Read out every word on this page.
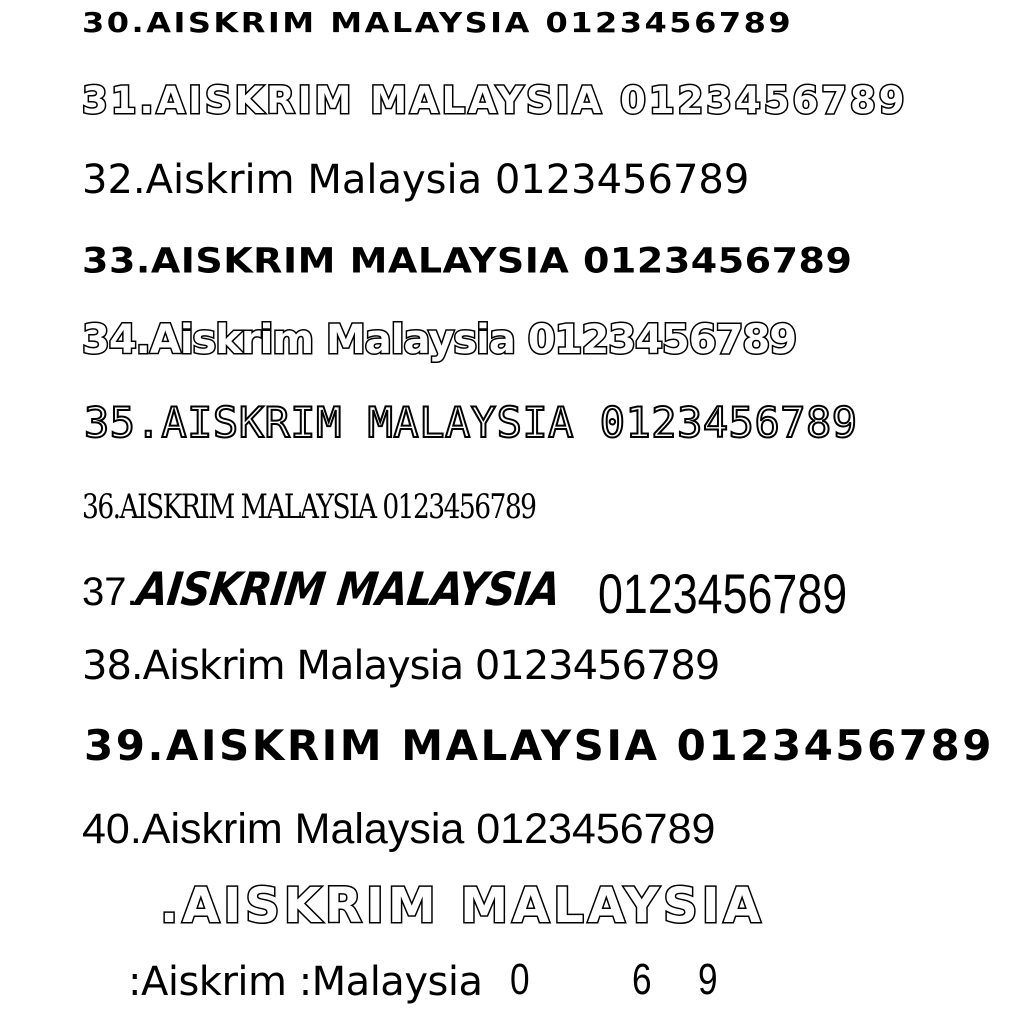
30.AISKRIM MALAYSIA 0123456789
31.AISKRIM MALAYSIA 0123456789
32.Aiskrim Malaysia 0123456789
33.AISKRIM MALAYSIA 0123456789
34.Aiskrim Malaysia 0123456789
35.AISKRIM MALAYSIA 0123456789
36.AISKRIM MALAYSIA 0123456789
37.
AISKRIM MALAYSIA 0123456789
38.Aiskrim Malaysia 0123456789
39.AISKRIM MALAYSIA 0123456789
40.Aiskrim Malaysia 0123456789
.AISKRIM MALAYSIA
:Aiskrim :Malaysia 0 6 9
